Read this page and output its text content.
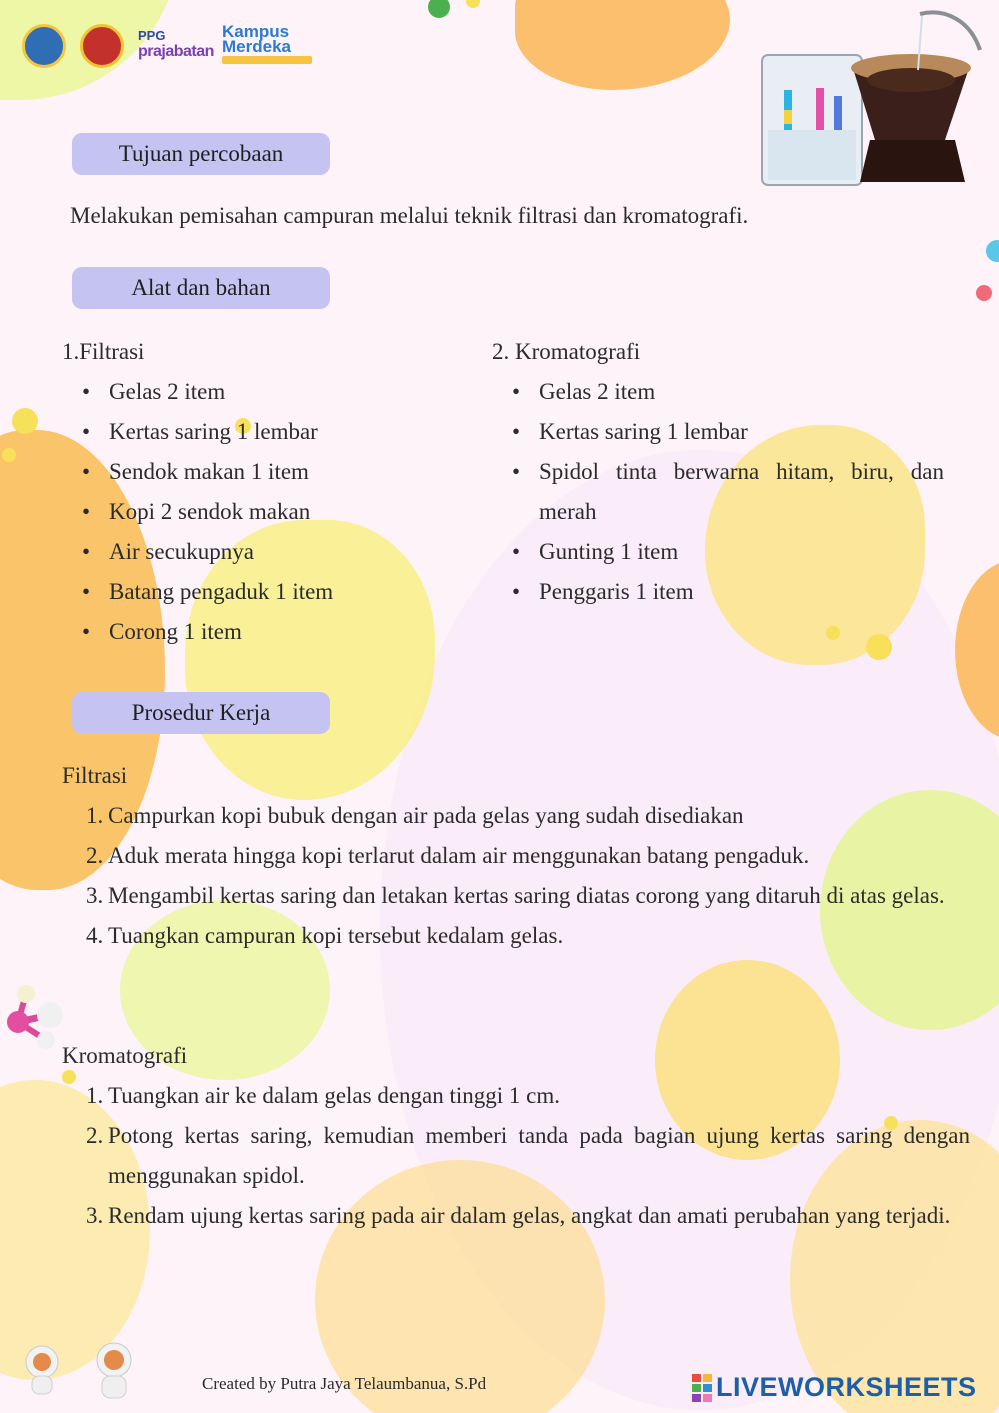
PPG
prajabatan
Kampus
Merdeka
Tujuan percobaan
Melakukan pemisahan campuran melalui teknik filtrasi dan kromatografi.
Alat dan bahan
1.Filtrasi
• Gelas 2 item
• Kertas saring 1 lembar
• Sendok makan 1 item
• Kopi 2 sendok makan
• Air secukupnya
• Batang pengaduk 1 item
• Corong 1 item
2. Kromatografi
• Gelas 2 item
• Kertas saring 1 lembar
• Spidol tinta berwarna hitam, biru, dan merah
• Gunting 1 item
• Penggaris 1 item
Prosedur Kerja
Filtrasi
1. Campurkan kopi bubuk dengan air pada gelas yang sudah disediakan
2. Aduk merata hingga kopi terlarut dalam air menggunakan batang pengaduk.
3. Mengambil kertas saring dan letakan kertas saring diatas corong yang ditaruh di atas gelas.
4. Tuangkan campuran kopi tersebut kedalam gelas.
Kromatografi
1. Tuangkan air ke dalam gelas dengan tinggi 1 cm.
2. Potong kertas saring, kemudian memberi tanda pada bagian ujung kertas saring dengan menggunakan spidol.
3. Rendam ujung kertas saring pada air dalam gelas, angkat dan amati perubahan yang terjadi.
Created by Putra Jaya Telaumbanua, S.Pd	LIVEWORKSHEETS
